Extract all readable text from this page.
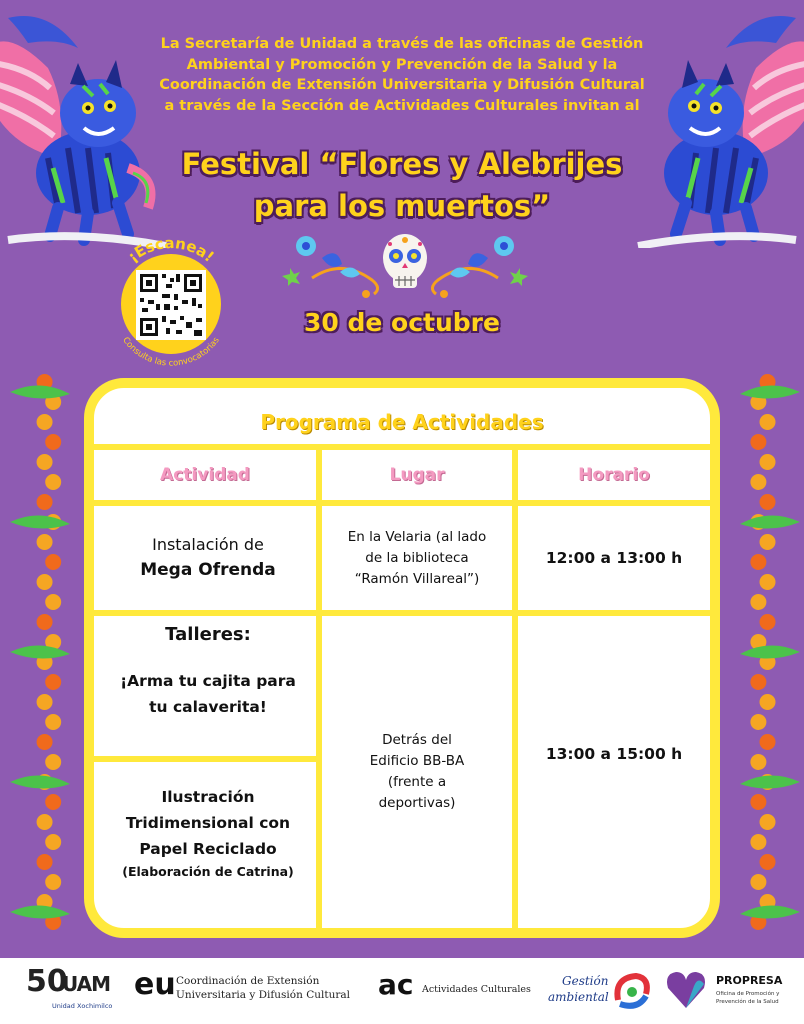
La Secretaría de Unidad a través de las oficinas de Gestión
Ambiental y Promoción y Prevención de la Salud y la
Coordinación de Extensión Universitaria y Difusión Cultural
a través de la Sección de Actividades Culturales invitan al
Festival “Flores y Alebrijes
para los muertos”
¡Escanea!
Consulta las convocatorias
30 de octubre
Programa de Actividades
Actividad	Lugar	Horario
Instalación de
Mega Ofrenda
En la Velaria (al lado
de la biblioteca
“Ramón Villareal”)
12:00 a 13:00 h
Talleres:
¡Arma tu cajita para
tu calaverita!
Ilustración
Tridimensional con
Papel Reciclado
(Elaboración de Catrina)
Detrás del
Edificio BB-BA
(frente a
deportivas)
13:00 a 15:00 h
50
UAM
Unidad Xochimilco
eu Coordinación de Extensión
Universitaria y Difusión Cultural ac Actividades Culturales
Gestión
ambiental
PROPRESA
Oficina de Promoción y
Prevención de la Salud
